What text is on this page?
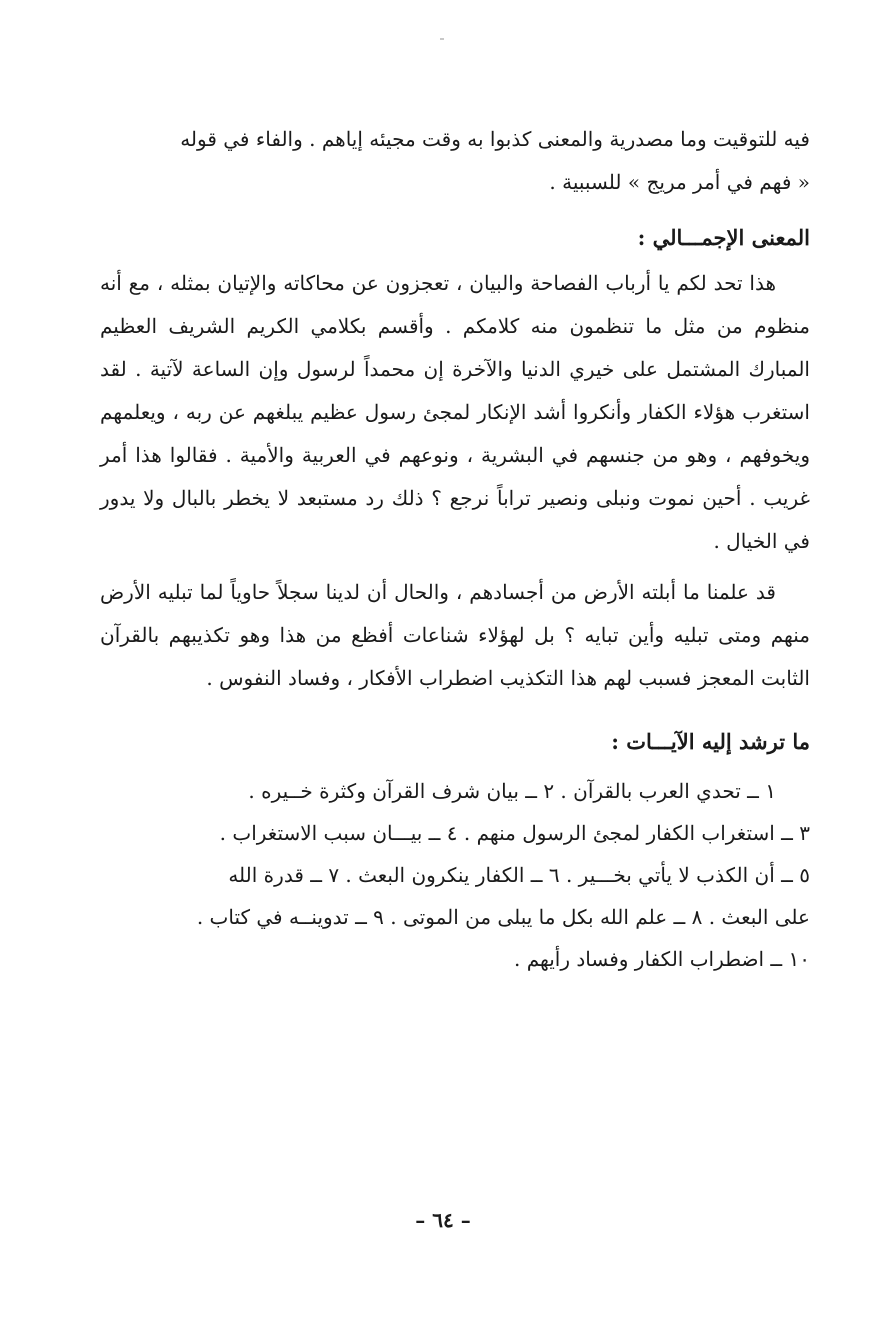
فيه للتوقيت وما مصدرية والمعنى كذبوا به وقت مجيئه إياهم . والفاء في قوله

« فهم في أمر مريج » للسببية .

المعنى الإجمـــالي :

هذا تحد لكم يا أرباب الفصاحة والبيان ، تعجزون عن محاكاته والإتيان بمثله ، مع أنه منظوم من مثل ما تنظمون منه كلامكم . وأقسم بكلامي الكريم الشريف العظيم المبارك المشتمل على خيري الدنيا والآخرة إن محمداً لرسول وإن الساعة لآتية . لقد استغرب هؤلاء الكفار وأنكروا أشد الإنكار لمجئ رسول عظيم يبلغهم عن ربه ، ويعلمهم ويخوفهم ، وهو من جنسهم في البشرية ، ونوعهم في العربية والأمية . فقالوا هذا أمر غريب . أحين نموت ونبلى ونصير تراباً نرجع ؟ ذلك رد مستبعد لا يخطر بالبال ولا يدور في الخيال .

قد علمنا ما أبلته الأرض من أجسادهم ، والحال أن لدينا سجلاً حاوياً لما تبليه الأرض منهم ومتى تبليه وأين تبايه ؟ بل لهؤلاء شناعات أفظع من هذا وهو تكذيبهم بالقرآن الثابت المعجز فسبب لهم هذا التكذيب اضطراب الأفكار ، وفساد النفوس .

ما ترشد إليه الآيـــات :
١ ــ تحدي العرب بالقرآن . ٢ ــ بيان شرف القرآن وكثرة خــيره .
٣ ــ استغراب الكفار لمجئ الرسول منهم . ٤ ــ بيـــان سبب الاستغراب .
٥ ــ أن الكذب لا يأتي بخـــير . ٦ ــ الكفار ينكرون البعث . ٧ ــ قدرة الله
على البعث . ٨ ــ علم الله بكل ما يبلى من الموتى . ٩ ــ تدوينــه في كتاب .
١٠ ــ اضطراب الكفار وفساد رأيهم .
– ٦٤ –
